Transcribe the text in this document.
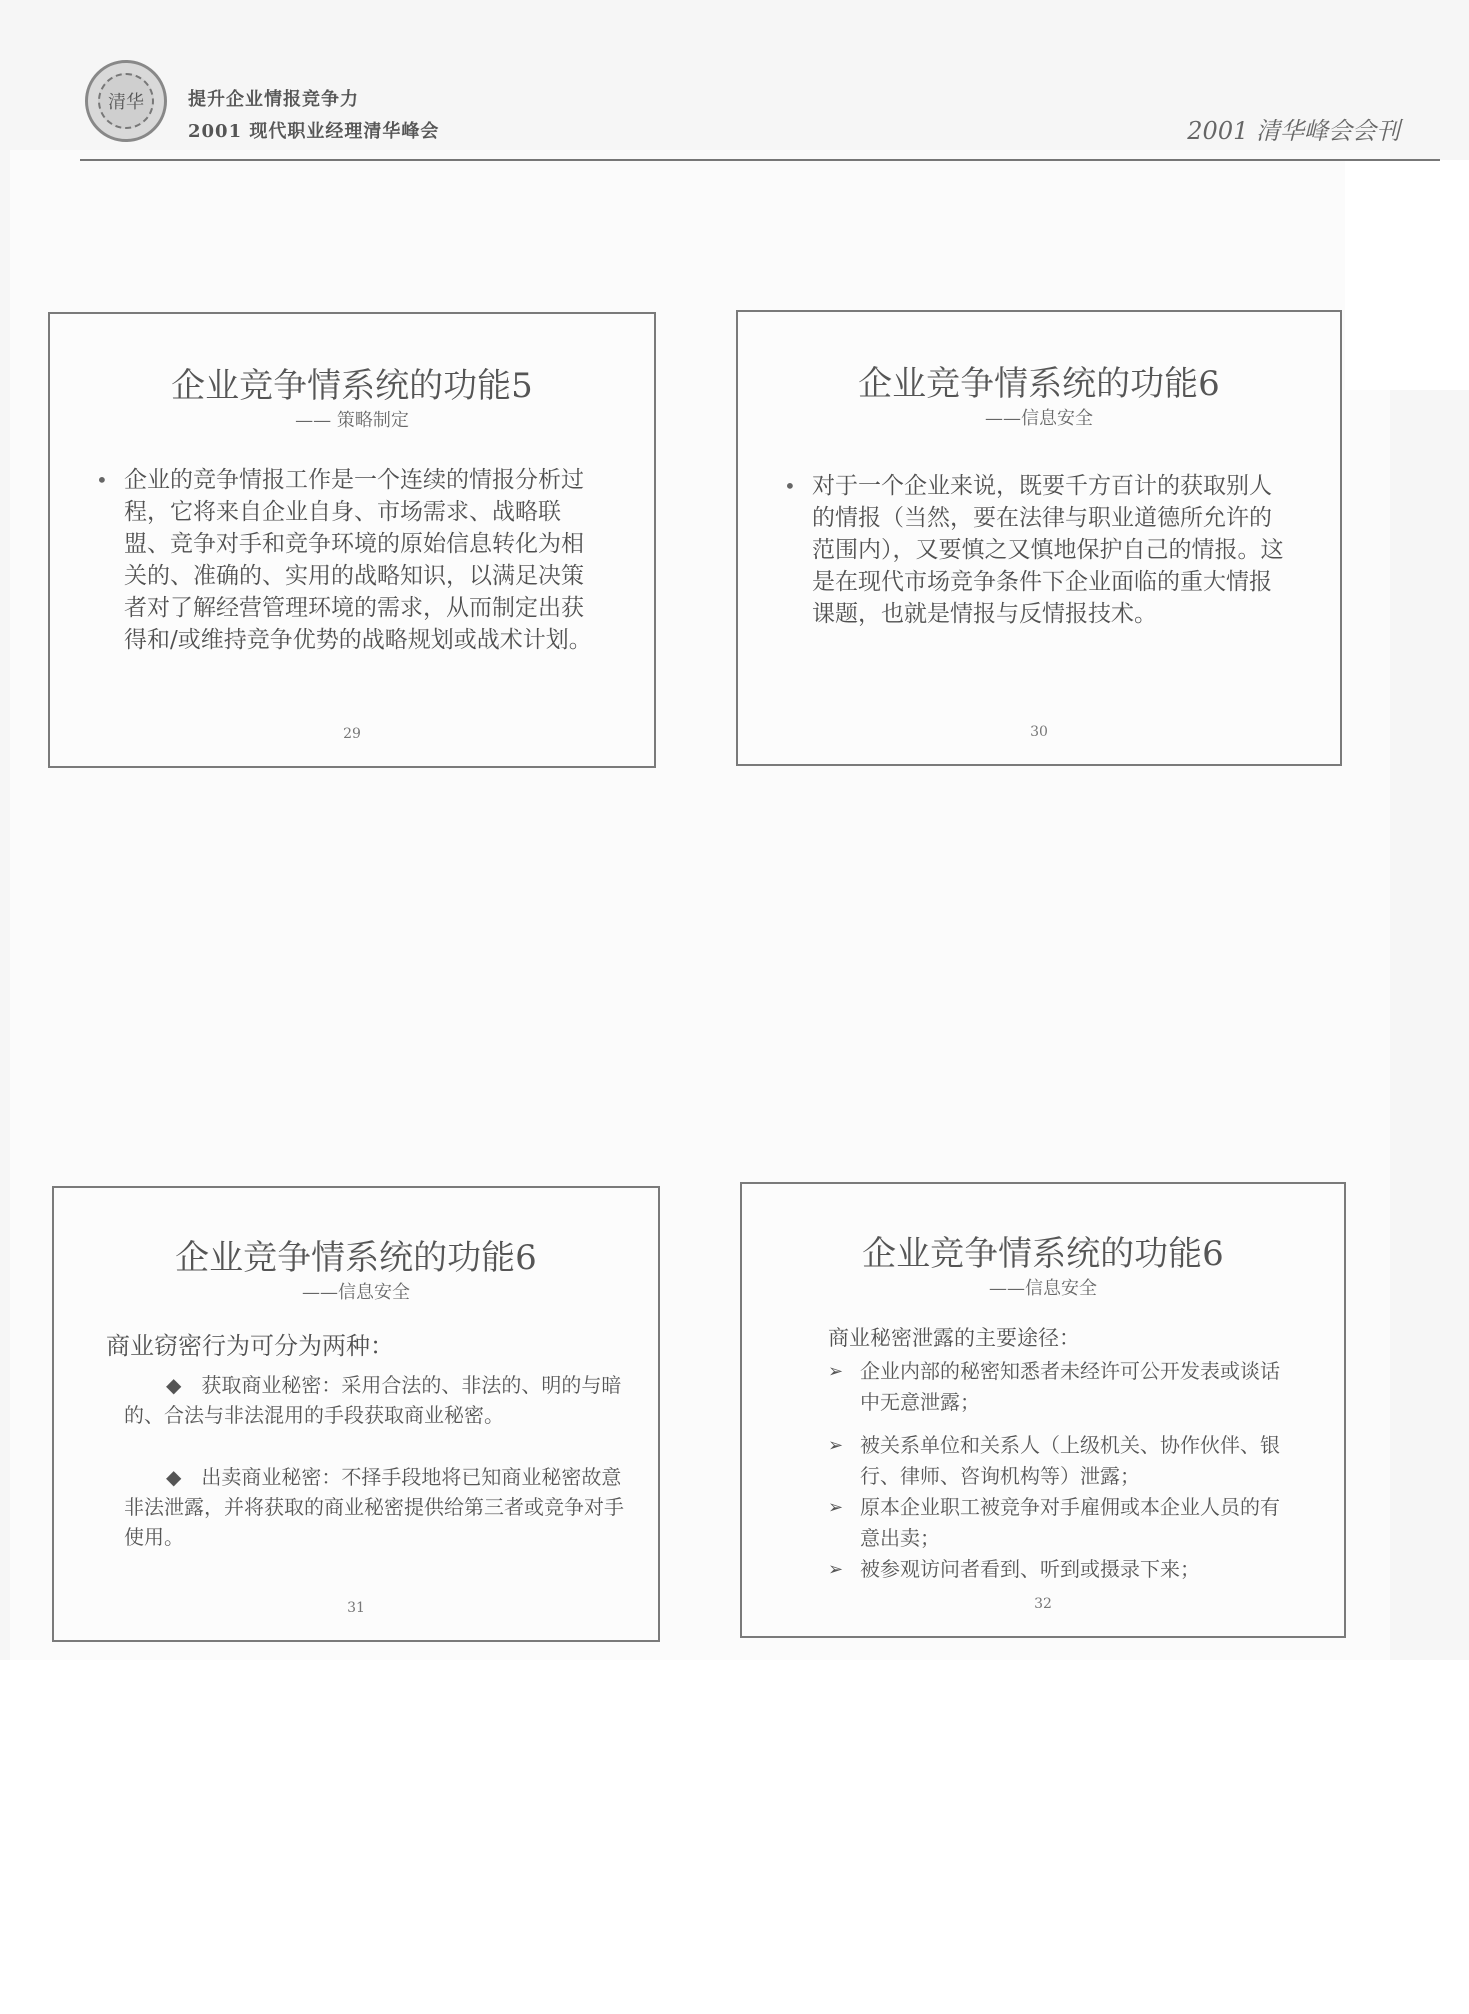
清华	提升企业情报竞争力
2001 现代职业经理清华峰会	2001 清华峰会会刊
企业竞争情系统的功能5
—— 策略制定
• 企业的竞争情报工作是一个连续的情报分析过程，它将来自企业自身、市场需求、战略联盟、竞争对手和竞争环境的原始信息转化为相关的、准确的、实用的战略知识，以满足决策者对了解经营管理环境的需求，从而制定出获得和/或维持竞争优势的战略规划或战术计划。
29
企业竞争情系统的功能6
——信息安全
• 对于一个企业来说，既要千方百计的获取别人的情报（当然，要在法律与职业道德所允许的范围内），又要慎之又慎地保护自己的情报。这是在现代市场竞争条件下企业面临的重大情报课题，也就是情报与反情报技术。
30
企业竞争情系统的功能6
——信息安全
商业窃密行为可分为两种：
◆　获取商业秘密：采用合法的、非法的、明的与暗的、合法与非法混用的手段获取商业秘密。
◆　出卖商业秘密：不择手段地将已知商业秘密故意非法泄露，并将获取的商业秘密提供给第三者或竞争对手使用。
31
企业竞争情系统的功能6
——信息安全
商业秘密泄露的主要途径：
➢ 企业内部的秘密知悉者未经许可公开发表或谈话中无意泄露；
➢ 被关系单位和关系人（上级机关、协作伙伴、银行、律师、咨询机构等）泄露；
➢ 原本企业职工被竞争对手雇佣或本企业人员的有意出卖；
➢ 被参观访问者看到、听到或摄录下来；
32
